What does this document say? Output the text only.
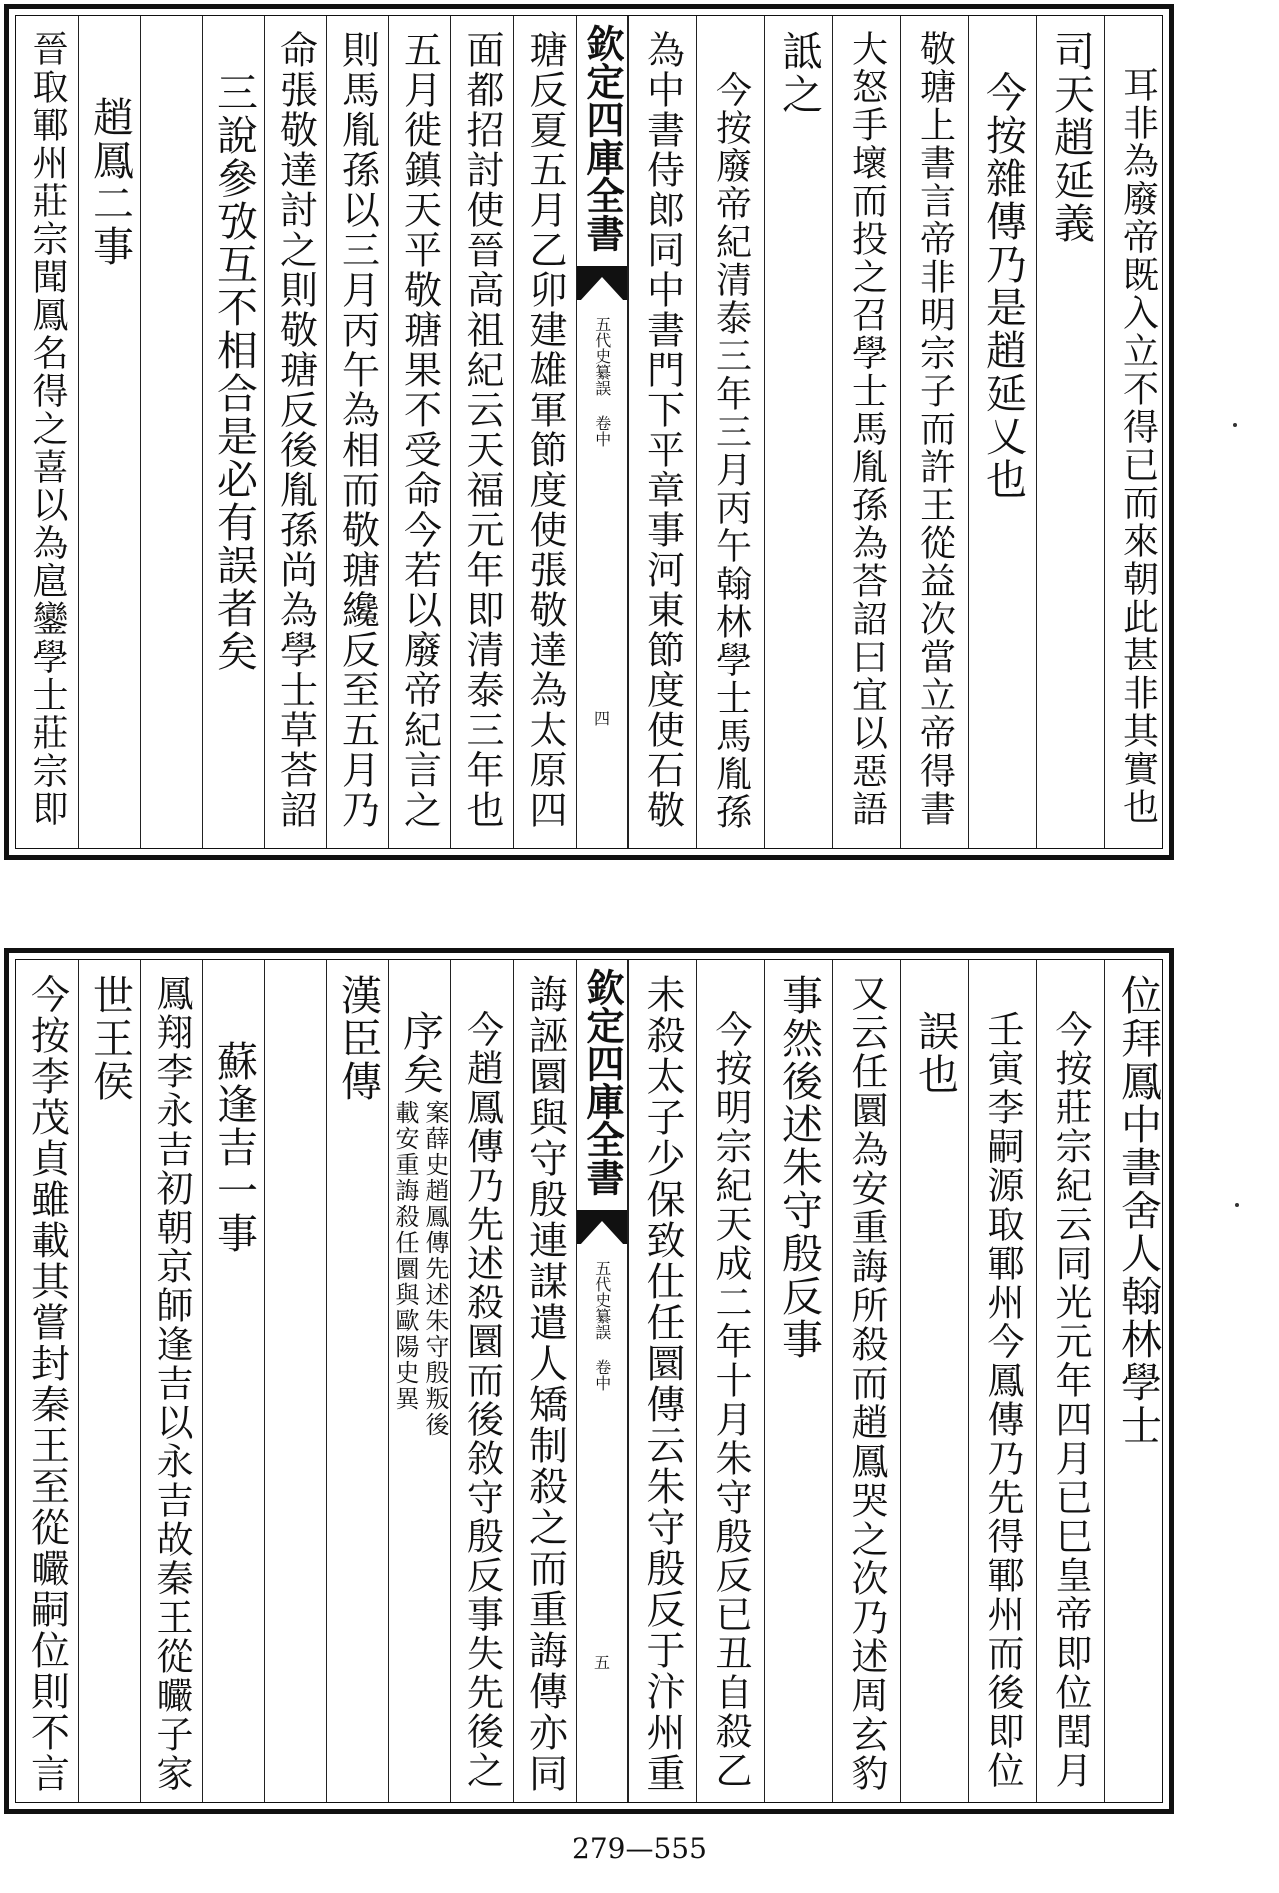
晉取鄆州莊宗聞鳳名得之喜以為扈鑾學士莊宗即 趙鳳二事 三說參攷互不相合是必有誤者矣 命張敬達討之則敬瑭反後胤孫尚為學士草荅詔 則馬胤孫以三月丙午為相而敬瑭纔反至五月乃 五月徙鎮天平敬瑭果不受命今若以廢帝紀言之 面都招討使晉高祖紀云天福元年即清泰三年也 瑭反夏五月乙卯建雄軍節度使張敬達為太原四 欽定四庫全書
五代史纂誤 卷中
四 為中書侍郎同中書門下平章事河東節度使石敬 今按廢帝紀清泰三年三月丙午翰林學士馬胤孫 詆之 大怒手壞而投之召學士馬胤孫為荅詔曰宜以惡語 敬瑭上書言帝非明宗子而許王從益次當立帝得書 今按雜傳乃是趙延乂也 司天趙延義 耳非為廢帝既入立不得已而來朝此甚非其實也
今按李茂貞雖載其嘗封秦王至從曮嗣位則不言 世王侯 鳳翔李永吉初朝京師逢吉以永吉故秦王從曮子家 蘇逢吉一事
漢臣傳 序矣
案薛史趙鳳傳先述朱守殷叛後
載安重誨殺任圜與歐陽史異 今趙鳳傳乃先述殺圜而後敘守殷反事失先後之 誨誣圜與守殷連謀遣人矯制殺之而重誨傳亦同 欽定四庫全書
五代史纂誤 卷中
五 未殺太子少保致仕任圜傳云朱守殷反于汴州重 今按明宗紀天成二年十月朱守殷反已丑自殺乙 事然後述朱守殷反事 又云任圜為安重誨所殺而趙鳳哭之次乃述周玄豹 誤也 壬寅李嗣源取鄆州今鳳傳乃先得鄆州而後即位 今按莊宗紀云同光元年四月已巳皇帝即位閏月 位拜鳳中書舍人翰林學士
279—555
